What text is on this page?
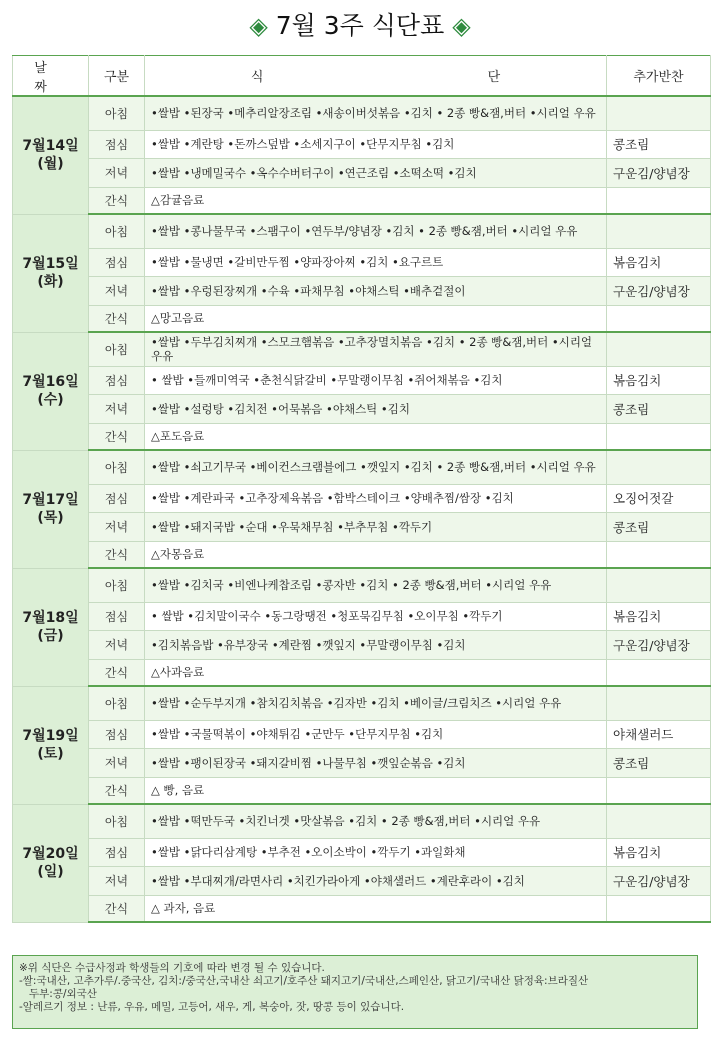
◈ 7월 3주 식단표 ◈
날짜	구분	식 단	추가반찬

7월14일
(월)	아침	•쌀밥 •된장국 •메추리알장조림 •새송이버섯볶음 •김치 • 2종 빵&잼,버터 •시리얼 우유	
	점심	•쌀밥 •계란탕 •돈까스덮밥 •소세지구이 •단무지무침 •김치	콩조림
	저녁	•쌀밥 •냉메밀국수 •옥수수버터구이 •연근조림 •소떡소떡 •김치	구운김/양념장
	간식	△감귤음료	

7월15일
(화)	아침	•쌀밥 •콩나물무국 •스팸구이 •연두부/양념장 •김치 • 2종 빵&잼,버터 •시리얼 우유	
	점심	•쌀밥 •물냉면 •갈비만두찜 •양파장아찌 •김치 •요구르트	볶음김치
	저녁	•쌀밥 •우렁된장찌개 •수육 •파채무침 •야채스틱 •배추겉절이	구운김/양념장
	간식	△망고음료	

7월16일
(수)	아침	•쌀밥 •두부김치찌개 •스모크햄볶음 •고추장멸치볶음 •김치 • 2종 빵&잼,버터 •시리얼 우유	
	점심	• 쌀밥 •들깨미역국 •춘천식닭갈비 •무말랭이무침 •쥐어채볶음 •김치	볶음김치
	저녁	•쌀밥 •설렁탕 •김치전 •어묵볶음 •야채스틱 •김치	콩조림
	간식	△포도음료	

7월17일
(목)	아침	•쌀밥 •쇠고기무국 •베이컨스크램블에그 •깻잎지 •김치 • 2종 빵&잼,버터 •시리얼 우유	
	점심	•쌀밥 •계란파국 •고추장제육볶음 •함박스테이크 •양배추찜/쌈장 •김치	오징어젓갈
	저녁	•쌀밥 •돼지국밥 •순대 •우묵채무침 •부추무침 •깍두기	콩조림
	간식	△자몽음료	

7월18일
(금)	아침	•쌀밥 •김치국 •비엔나케찹조림 •콩자반 •김치 • 2종 빵&잼,버터 •시리얼 우유	
	점심	• 쌀밥 •김치말이국수 •동그랑땡전 •청포묵김무침 •오이무침 •깍두기	볶음김치
	저녁	•김치볶음밥 •유부장국 •계란찜 •깻잎지 •무말랭이무침 •김치	구운김/양념장
	간식	△사과음료	

7월19일
(토)	아침	•쌀밥 •순두부지개 •참치김치볶음 •김자반 •김치 •베이글/크림치즈 •시리얼 우유	
	점심	•쌀밥 •국물떡볶이 •야채튀김 •군만두 •단무지무침 •김치	야채샐러드
	저녁	•쌀밥 •팽이된장국 •돼지갈비찜 •나물무침 •깻잎순볶음 •김치	콩조림
	간식	△ 빵, 음료	

7월20일
(일)	아침	•쌀밥 •떡만두국 •치킨너겟 •맛살볶음 •김치 • 2종 빵&잼,버터 •시리얼 우유	
	점심	•쌀밥 •닭다리삼계탕 •부추전 •오이소박이 •깍두기 •과일화채	볶음김치
	저녁	•쌀밥 •부대찌개/라면사리 •치킨가라아게 •야채샐러드 •계란후라이 •김치	구운김/양념장
	간식	△ 과자, 음료	
※위 식단은 수급사정과 학생들의 기호에 따라 변경 될 수 있습니다.
-쌀:국내산, 고추가루/.중국산, 김치:/중국산,국내산 쇠고기/호주산 돼지고기/국내산,스페인산, 닭고기/국내산 닭정육:브라질산
두부:콩/외국산
-알레르기 정보 : 난류, 우유, 메밀, 고등어, 새우, 게, 복숭아, 잣, 땅콩 등이 있습니다.
